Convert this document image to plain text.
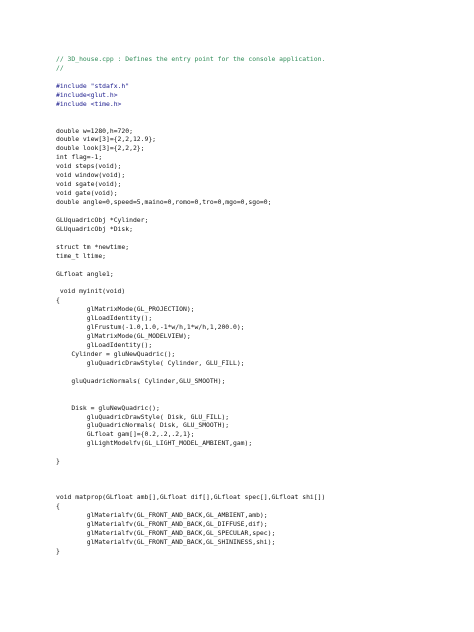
// 3D_house.cpp : Defines the entry point for the console application.
//
#include "stdafx.h"
#include<glut.h>
#include <time.h>
double w=1280,h=720;
double view[3]={2,2,12.9};
double look[3]={2,2,2};
int flag=-1;
void steps(void);
void window(void);
void sgate(void);
void gate(void);
double angle=0,speed=5,maino=0,romo=0,tro=0,mgo=0,sgo=0;
GLUquadricObj *Cylinder;
GLUquadricObj *Disk;
struct tm *newtime;
time_t ltime;
GLfloat angle1;
void myinit(void)
{
glMatrixMode(GL_PROJECTION);
glLoadIdentity();
glFrustum(-1.0,1.0,-1*w/h,1*w/h,1,200.0);
glMatrixMode(GL_MODELVIEW);
glLoadIdentity();
Cylinder = gluNewQuadric();
gluQuadricDrawStyle( Cylinder, GLU_FILL);
gluQuadricNormals( Cylinder,GLU_SMOOTH);
Disk = gluNewQuadric();
gluQuadricDrawStyle( Disk, GLU_FILL);
gluQuadricNormals( Disk, GLU_SMOOTH);
GLfloat gam[]={0.2,.2,.2,1};
glLightModelfv(GL_LIGHT_MODEL_AMBIENT,gam);
}
void matprop(GLfloat amb[],GLfloat dif[],GLfloat spec[],GLfloat shi[])
{
glMaterialfv(GL_FRONT_AND_BACK,GL_AMBIENT,amb);
glMaterialfv(GL_FRONT_AND_BACK,GL_DIFFUSE,dif);
glMaterialfv(GL_FRONT_AND_BACK,GL_SPECULAR,spec);
glMaterialfv(GL_FRONT_AND_BACK,GL_SHININESS,shi);
}
